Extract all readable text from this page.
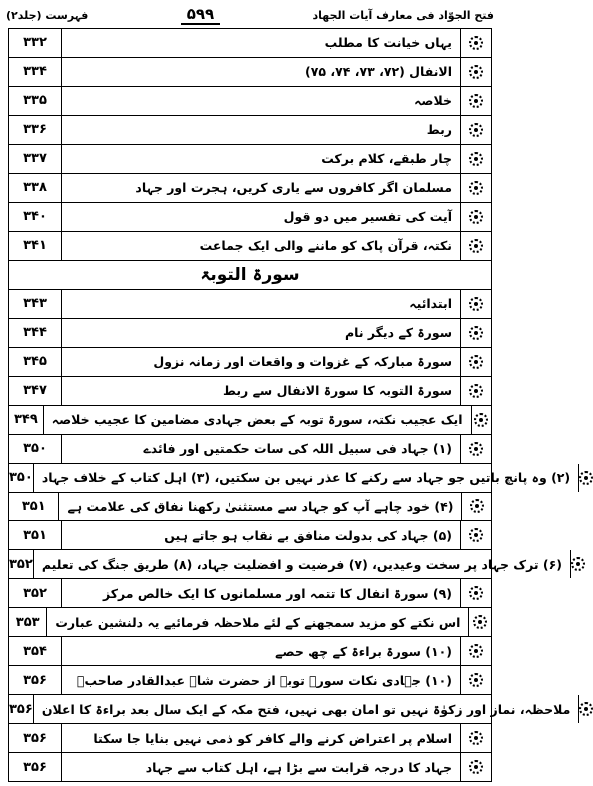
فہرست (جلد۲)	۵۹۹	فتح الجوّاد فی معارف آیات الجهاد
۳۳۲	یہاں خیانت کا مطلب
۳۳۴	الانفال (۷۲، ۷۳، ۷۴، ۷۵)
۳۳۵	خلاصہ
۳۳۶	ربط
۳۳۷	چار طبقے، کلام برکت
۳۳۸	مسلمان اگر کافروں سے یاری کریں، ہجرت اور جہاد
۳۴۰	آیت کی تفسیر میں دو قول
۳۴۱	نکتہ، قرآن پاک کو ماننے والی ایک جماعت
سورۃ التوبۃ
۳۴۳	ابتدائیہ
۳۴۴	سورۃ کے دیگر نام
۳۴۵	سورۃ مبارکہ کے غزوات و واقعات اور زمانہ نزول
۳۴۷	سورۃ التوبہ کا سورۃ الانفال سے ربط
۳۴۹	ایک عجیب نکتہ، سورۃ توبہ کے بعض جہادی مضامین کا عجیب خلاصہ
۳۵۰	(۱) جہاد فی سبیل اللہ کی سات حکمتیں اور فائدے
۳۵۰ (۲) وہ پانچ باتیں جو جہاد سے رکنے کا عذر نہیں بن سکتیں، (۳) اہل کتاب کے خلاف جہاد
۳۵۱	(۴) خود چاہے آپ کو جہاد سے مستثنیٰ رکھنا نفاق کی علامت ہے
۳۵۱	(۵) جہاد کی بدولت منافق بے نقاب ہو جاتے ہیں
۳۵۲ (۶) ترک جہاد پر سخت وعیدیں، (۷) فرضیت و افضلیت جہاد، (۸) طریق جنگ کی تعلیم
۳۵۲	(۹) سورۃ انفال کا تتمہ اور مسلمانوں کا ایک خالص مرکز
۳۵۳	اس نکتے کو مزید سمجھنے کے لئے ملاحظہ فرمائیے یہ دلنشین عبارت
۳۵۴	(۱۰) سورۃ براءۃ کے چھ حصے
۳۵۶	(۱۰) جہادی نکات سورۃ توبہ از حضرت شاہ عبدالقادر صاحبؒ
۳۵۶ ملاحظہ، نماز اور زکوٰۃ نہیں تو امان بھی نہیں، فتح مکہ کے ایک سال بعد براءۃ کا اعلان
۳۵۶	اسلام پر اعتراض کرنے والے کافر کو ذمی نہیں بنایا جا سکتا
۳۵۶	جہاد کا درجہ قرابت سے بڑا ہے، اہل کتاب سے جہاد
